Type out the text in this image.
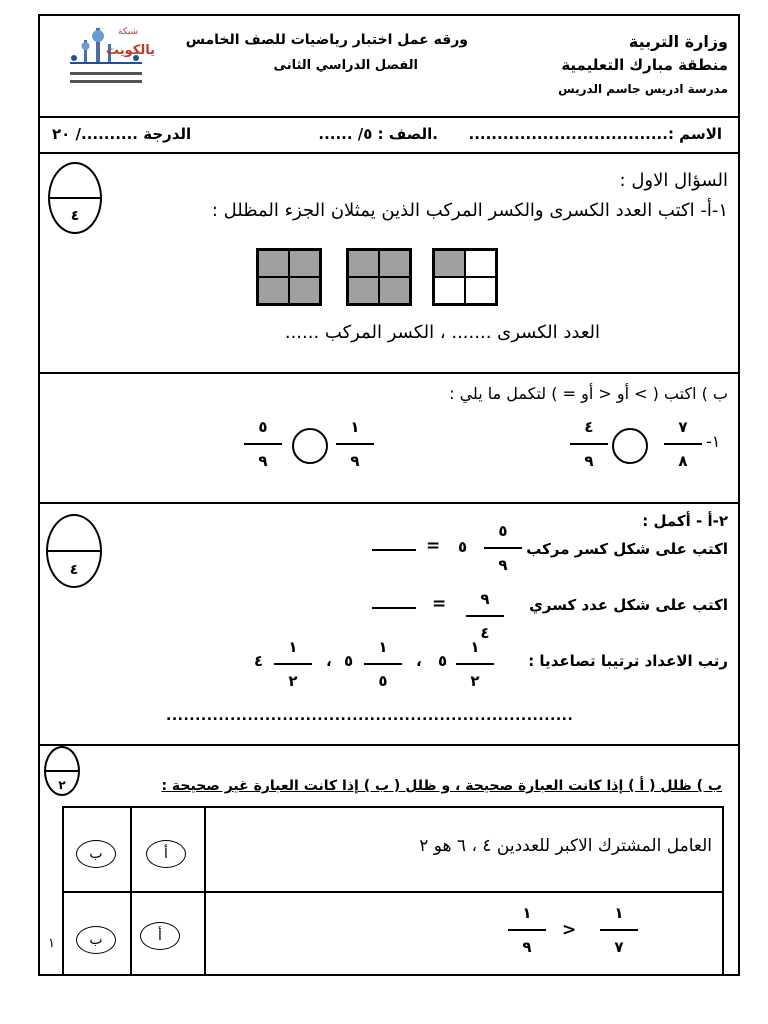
شبكة
يالكويت	وزارة التربية
منطقة مبارك التعليمية
مدرسة ادريس جاسم الدريس
ورقه عمل اختبار رياضيات للصف الخامس
الفصل الدراسي الثانى
الاسم :...................................
.الصف : ٥/ ......
الدرجة ........../ ٢٠
٤
السؤال الاول :
١-أ- اكتب العدد الكسرى والكسر المركب الذين يمثلان الجزء المظلل :
العدد الكسرى ....... ، الكسر المركب ......
ب ) اكتب ( > أو < أو = ) لتكمل ما يلي :
-١
٧
٨
٤
٩
١
٩
٥
٩
٤
٢-أ - أكمل :
اكتب على شكل كسر مركب
٥
٩
٥
=
اكتب على شكل عدد كسري
٩
٤
=
رتب الاعداد ترتيبا تصاعديا :
١
٢
٥
،
١
٥
٥
،
١
٢
٤
......................................................................
٢	ب ) ظلل ( أ ) إذا كانت العبارة صحيحة ، و ظلل ( ب ) إذا كانت العبارة غير صحيحة :
العامل المشترك الاكبر للعددين ٤ ، ٦ هو ٢
أ
ب
١
٧
>
١
٩
أ
ب
١
